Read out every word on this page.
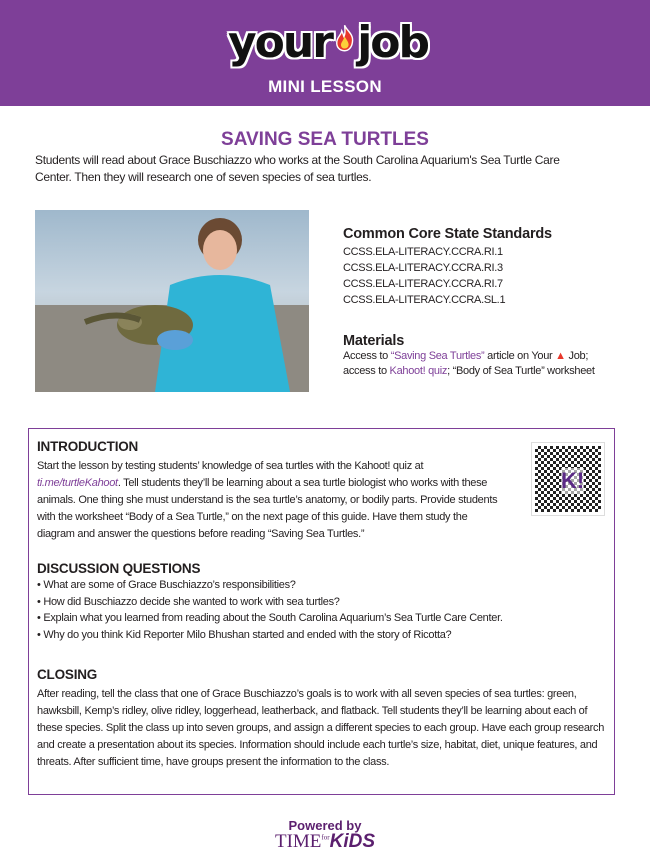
your job
MINI LESSON
SAVING SEA TURTLES

Students will read about Grace Buschiazzo who works at the South Carolina Aquarium's Sea Turtle Care Center. Then they will research one of seven species of sea turtles.

Common Core State Standards
CCSS.ELA-LITERACY.CCRA.RI.1
CCSS.ELA-LITERACY.CCRA.RI.3
CCSS.ELA-LITERACY.CCRA.RI.7
CCSS.ELA-LITERACY.CCRA.SL.1
Materials
Access to “Saving Sea Turtles” article on Your ▲ Job;
access to Kahoot! quiz; “Body of Sea Turtle” worksheet
INTRODUCTION

Start the lesson by testing students’ knowledge of sea turtles with the Kahoot! quiz at ti.me/turtleKahoot. Tell students they’ll be learning about a sea turtle biologist who works with these animals. One thing she must understand is the sea turtle’s anatomy, or bodily parts. Provide students with the worksheet “Body of a Sea Turtle,” on the next page of this guide. Have them study the diagram and answer the questions before reading “Saving Sea Turtles.”

K!
DISCUSSION QUESTIONS
• What are some of Grace Buschiazzo’s responsibilities?
• How did Buschiazzo decide she wanted to work with sea turtles?
• Explain what you learned from reading about the South Carolina Aquarium’s Sea Turtle Care Center.
• Why do you think Kid Reporter Milo Bhushan started and ended with the story of Ricotta?
CLOSING

After reading, tell the class that one of Grace Buschiazzo’s goals is to work with all seven species of sea turtles: green, hawksbill, Kemp’s ridley, olive ridley, loggerhead, leatherback, and flatback. Tell students they’ll be learning about each of these species. Split the class up into seven groups, and assign a different species to each group. Have each group research and create a presentation about its species. Information should include each turtle’s size, habitat, diet, unique features, and threats. After sufficient time, have groups present the information to the class.

Powered by
$TIME^{for}KiDS$
